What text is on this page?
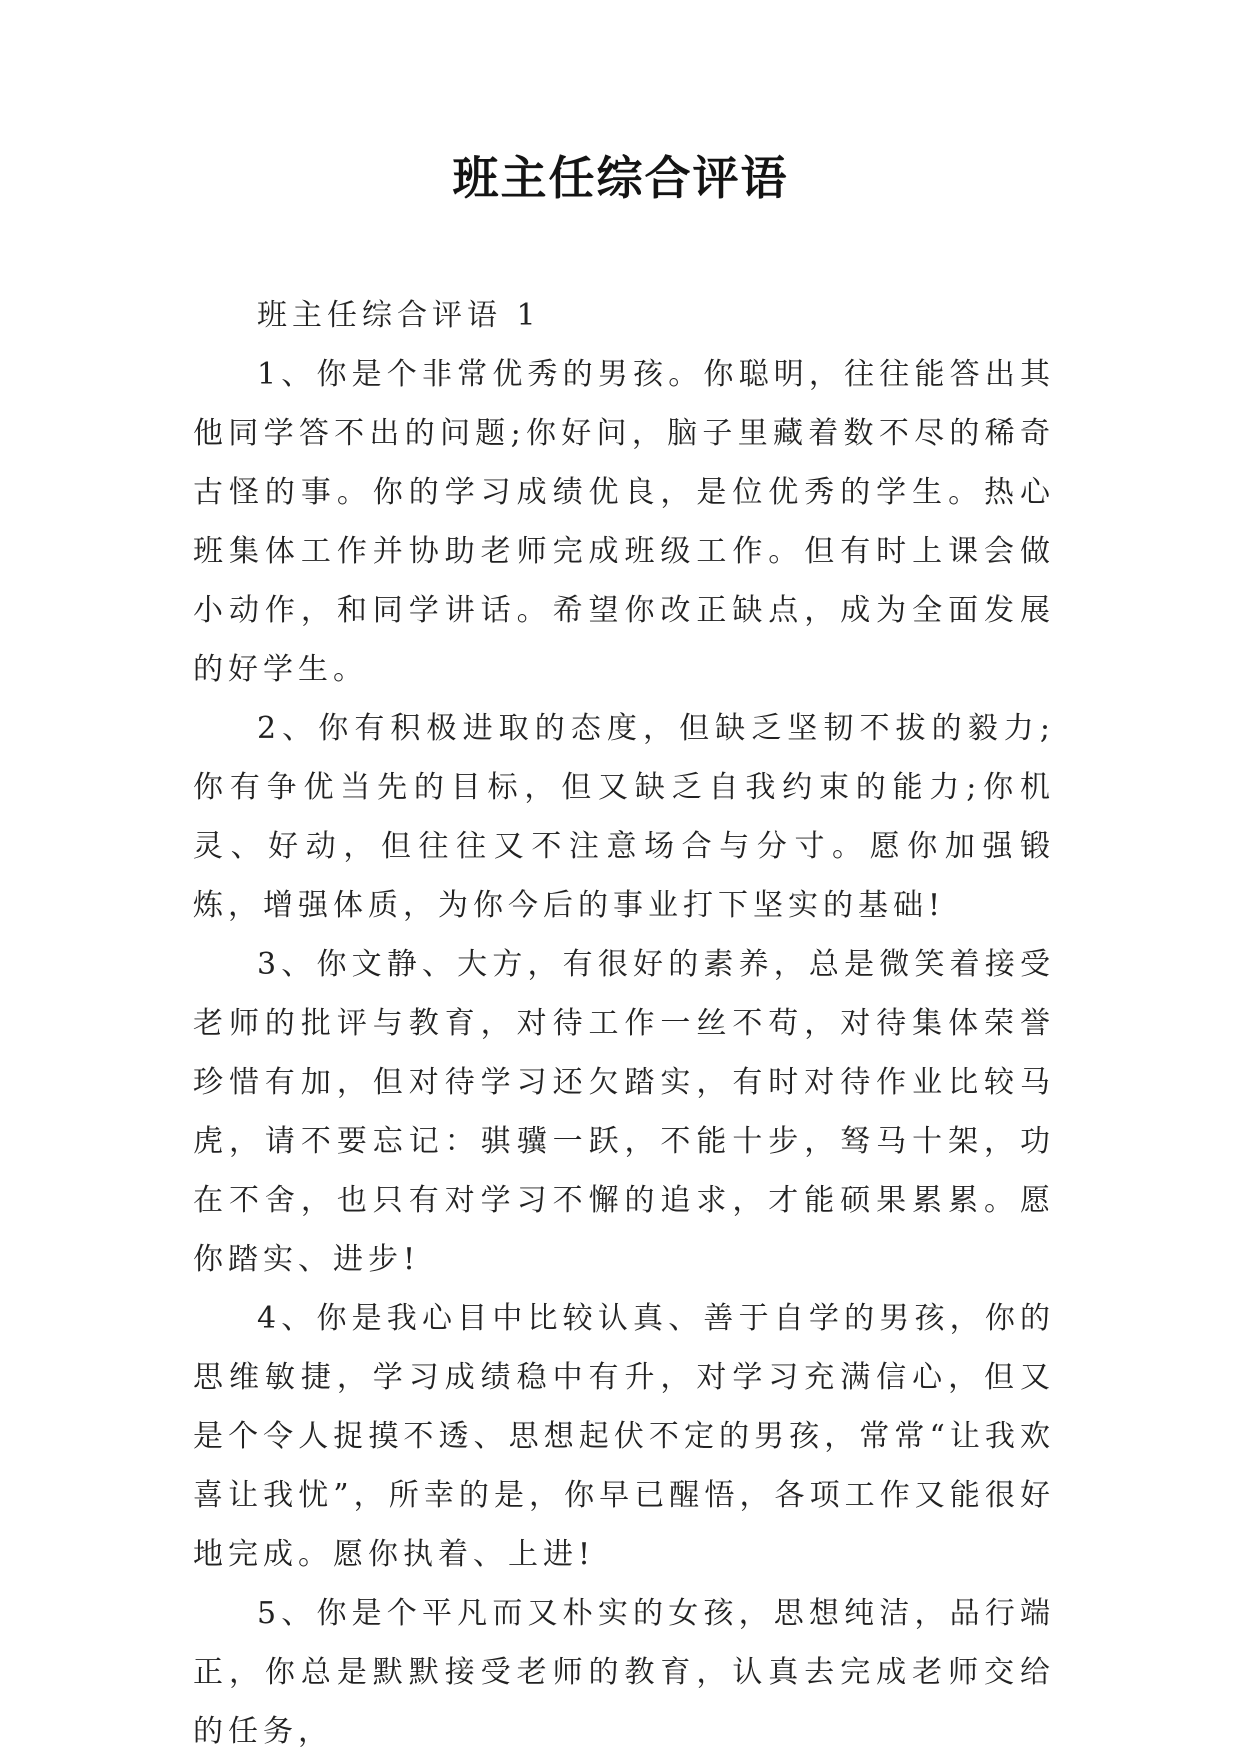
班主任综合评语

班主任综合评语 1

1、你是个非常优秀的男孩。你聪明，往往能答出其他同学答不出的问题;你好问，脑子里藏着数不尽的稀奇古怪的事。你的学习成绩优良，是位优秀的学生。热心班集体工作并协助老师完成班级工作。但有时上课会做小动作，和同学讲话。希望你改正缺点，成为全面发展的好学生。

2、你有积极进取的态度，但缺乏坚韧不拔的毅力;你有争优当先的目标，但又缺乏自我约束的能力;你机灵、好动，但往往又不注意场合与分寸。愿你加强锻炼，增强体质，为你今后的事业打下坚实的基础!

3、你文静、大方，有很好的素养，总是微笑着接受老师的批评与教育，对待工作一丝不苟，对待集体荣誉珍惜有加，但对待学习还欠踏实，有时对待作业比较马虎，请不要忘记：骐骥一跃，不能十步，驽马十架，功在不舍，也只有对学习不懈的追求，才能硕果累累。愿你踏实、进步!

4、你是我心目中比较认真、善于自学的男孩，你的思维敏捷，学习成绩稳中有升，对学习充满信心，但又是个令人捉摸不透、思想起伏不定的男孩，常常“让我欢喜让我忧”，所幸的是，你早已醒悟，各项工作又能很好地完成。愿你执着、上进!

5、你是个平凡而又朴实的女孩，思想纯洁，品行端正，你总是默默接受老师的教育，认真去完成老师交给的任务，
